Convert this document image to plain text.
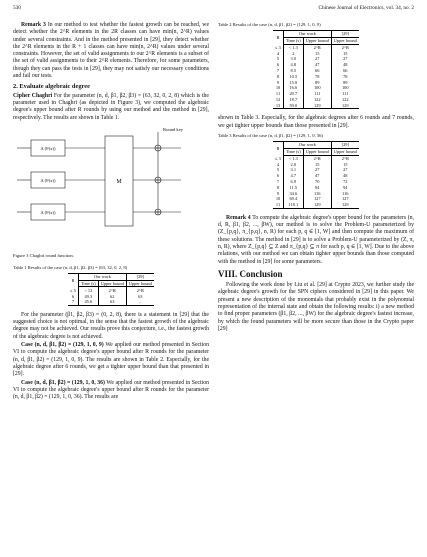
530	Chinese Journal of Electronics, vol. 34, no. 2

Remark 3 In our method to test whether the fastest growth can be reached, we detect whether the 2^R elements in the 2R classes can have min(n, 2^R) values under several constraints. And in the method presented in [29], they detect whether the 2^R elements in the R + 1 classes can have min(n, 2^R) values under several constraints. However, the set of valid assignments to our 2^R elements is a subset of the set of valid assignments to their 2^R elements. Therefore, for some parameters, though they can pass the tests in [29], they may not satisfy our necessary conditions and fail our tests.

2. Evaluate algebraic degree

Cipher Chaghri For the parameter (n, d, β1, β2, β3) = (63, 32, 0, 2, 8) which is the parameter used in Chaghri (as depicted in Figure 3), we computed the algebraic degree's upper bound after R rounds by using our method and the method in [29], respectively. The results are shown in Table 1.

A (P(x))
A (P(x))
A (P(x))
M
Round key
Figure 3 Chaghri round function.
Table 1 Results of the case (n, d, β1, β2, β3) = (63, 32, 0, 2, 8)
R	Our work		[29]
	Time (s)	Upper bound	Upper bound
≤ 5	< 12	2^R	2^R
6	49.3	62	63
7	45.6	63	–

For the parameter (β1, β2, β3) = (0, 2, 8), there is a statement in [29] that the suggested choice is not optimal, in the sense that the fastest growth of the algebraic degree may not be achieved. Our results prove this conjecture, i.e., the fastest growth of the algebraic degree is not achieved.

Case (n, d, β1, β2) = (129, 1, 0, 9) We applied our method presented in Section VI to compute the algebraic degree's upper bound after R rounds for the parameter (n, d, β1, β2) = (129, 1, 0, 9). The results are shown in Table 2. Especially, for the algebraic degree after 6 rounds, we get a tighter upper bound than that presented in [29].

Case (n, d, β1, β2) = (129, 1, 0, 36) We applied our method presented in Section VI to compute the algebraic degree's upper bound after R rounds for the parameter (n, d, β1, β2) = (129, 1, 0, 36). The results are

Table 2 Results of the case (n, d, β1, β2) = (129, 1, 0, 9)
R	Our work		[29]
	Time (s)	Upper bound	Upper bound
≤ 3	< 1.3	2^R	2^R
4	2	15	15
5	3.0	27	27
6	4.8	47	48
7	8.5	66	66
8	10.5	78	78
9	15.0	89	89
10	16.6	100	100
11	20.7	111	111
12	18.7	122	122
13	59.0	129	129

shown in Table 3. Especially, for the algebraic degrees after 6 rounds and 7 rounds, we get tighter upper bounds than those presented in [29].

Table 3 Results of the case (n, d, β1, β2) = (129, 1, 0, 36)
R	Our work		[29]
	Time (s)	Upper bound	Upper bound
≤ 3	< 1.3	2^R	2^R
4	2.0	15	15
5	3.1	27	27
6	4.7	47	48
7	6.9	70	72
8	11.5	94	94
9	34.6	116	116
10	69.4	127	127
11	118.1	129	129

Remark 4 To compute the algebraic degree's upper bound for the parameters (n, d, R, β1, β2, ..., βW), our method is to solve the Problem-U parameterized by (Z_{p,q}, π_{p,q}, n, R) for each p, q ∈ [1, W] and then compute the maximum of these solutions. The method in [29] is to solve a Problem-U parameterized by (Z, π, n, R), where Z_{p,q} ⊆ Z and π_{p,q} ⊆ π for each p, q ∈ [1, W]. Due to the above relations, with our method we can obtain tighter upper bounds than those computed with the method in [29] for some parameters.

VIII. Conclusion

Following the work done by Liu et al. [29] at Crypto 2023, we further study the algebraic degree's growth for the SPN ciphers considered in [29] in this paper. We present a new description of the monomials that probably exist in the polynomial representation of the internal state and obtain the following results: i) a new method to find proper parameters (β1, β2, ..., βW) for the algebraic degree's fastest increase, by which the found parameters will be more secure than those in the Crypto paper [29]
